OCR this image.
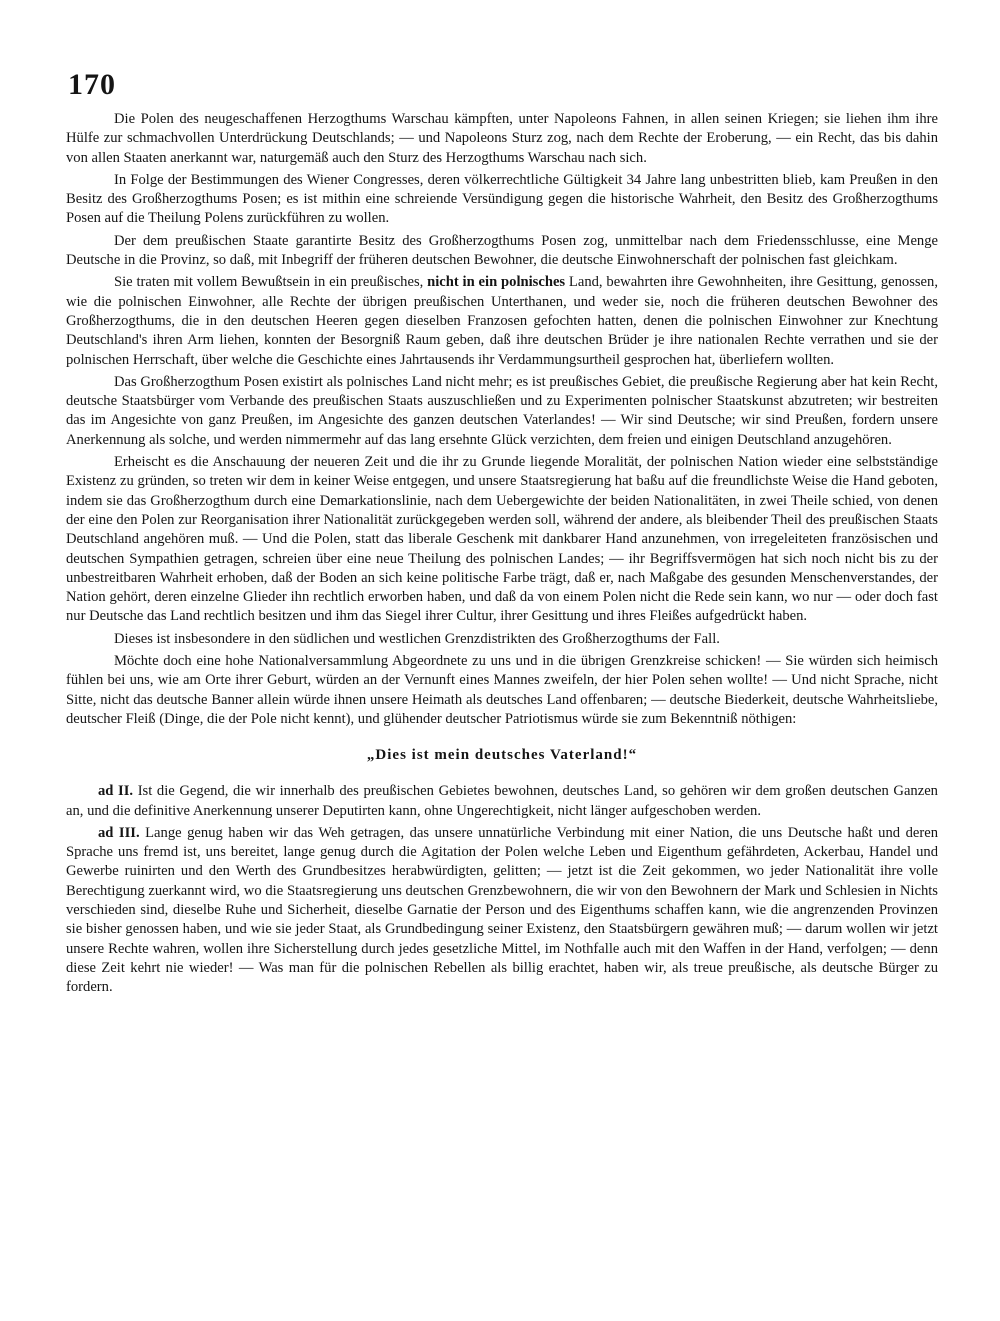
170

Die Polen des neugeschaffenen Herzogthums Warschau kämpften, unter Napoleons Fahnen, in allen seinen Kriegen; sie liehen ihm ihre Hülfe zur schmachvollen Unterdrückung Deutschlands; — und Napoleons Sturz zog, nach dem Rechte der Eroberung, — ein Recht, das bis dahin von allen Staaten anerkannt war, naturgemäß auch den Sturz des Herzogthums Warschau nach sich.

In Folge der Bestimmungen des Wiener Congresses, deren völkerrechtliche Gültigkeit 34 Jahre lang unbestritten blieb, kam Preußen in den Besitz des Großherzogthums Posen; es ist mithin eine schreiende Versündigung gegen die historische Wahrheit, den Besitz des Großherzogthums Posen auf die Theilung Polens zurückführen zu wollen.

Der dem preußischen Staate garantirte Besitz des Großherzogthums Posen zog, unmittelbar nach dem Friedensschlusse, eine Menge Deutsche in die Provinz, so daß, mit Inbegriff der früheren deutschen Bewohner, die deutsche Einwohnerschaft der polnischen fast gleichkam.

Sie traten mit vollem Bewußtsein in ein preußisches, nicht in ein polnisches Land, bewahrten ihre Gewohnheiten, ihre Gesittung, genossen, wie die polnischen Einwohner, alle Rechte der übrigen preußischen Unterthanen, und weder sie, noch die früheren deutschen Bewohner des Großherzogthums, die in den deutschen Heeren gegen dieselben Franzosen gefochten hatten, denen die polnischen Einwohner zur Knechtung Deutschland's ihren Arm liehen, konnten der Besorgniß Raum geben, daß ihre deutschen Brüder je ihre nationalen Rechte verrathen und sie der polnischen Herrschaft, über welche die Geschichte eines Jahrtausends ihr Verdammungsurtheil gesprochen hat, überliefern wollten.

Das Großherzogthum Posen existirt als polnisches Land nicht mehr; es ist preußisches Gebiet, die preußische Regierung aber hat kein Recht, deutsche Staatsbürger vom Verbande des preußischen Staats auszuschließen und zu Experimenten polnischer Staatskunst abzutreten; wir bestreiten das im Angesichte von ganz Preußen, im Angesichte des ganzen deutschen Vaterlandes! — Wir sind Deutsche; wir sind Preußen, fordern unsere Anerkennung als solche, und werden nimmermehr auf das lang ersehnte Glück verzichten, dem freien und einigen Deutschland anzugehören.

Erheischt es die Anschauung der neueren Zeit und die ihr zu Grunde liegende Moralität, der polnischen Nation wieder eine selbstständige Existenz zu gründen, so treten wir dem in keiner Weise entgegen, und unsere Staatsregierung hat baßu auf die freundlichste Weise die Hand geboten, indem sie das Großherzogthum durch eine Demarkationslinie, nach dem Uebergewichte der beiden Nationalitäten, in zwei Theile schied, von denen der eine den Polen zur Reorganisation ihrer Nationalität zurückgegeben werden soll, während der andere, als bleibender Theil des preußischen Staats Deutschland angehören muß. — Und die Polen, statt das liberale Geschenk mit dankbarer Hand anzunehmen, von irregeleiteten französischen und deutschen Sympathien getragen, schreien über eine neue Theilung des polnischen Landes; — ihr Begriffsvermögen hat sich noch nicht bis zu der unbestreitbaren Wahrheit erhoben, daß der Boden an sich keine politische Farbe trägt, daß er, nach Maßgabe des gesunden Menschenverstandes, der Nation gehört, deren einzelne Glieder ihn rechtlich erworben haben, und daß da von einem Polen nicht die Rede sein kann, wo nur — oder doch fast nur Deutsche das Land rechtlich besitzen und ihm das Siegel ihrer Cultur, ihrer Gesittung und ihres Fleißes aufgedrückt haben.

Dieses ist insbesondere in den südlichen und westlichen Grenzdistrikten des Großherzogthums der Fall.

Möchte doch eine hohe Nationalversammlung Abgeordnete zu uns und in die übrigen Grenzkreise schicken! — Sie würden sich heimisch fühlen bei uns, wie am Orte ihrer Geburt, würden an der Vernunft eines Mannes zweifeln, der hier Polen sehen wollte! — Und nicht Sprache, nicht Sitte, nicht das deutsche Banner allein würde ihnen unsere Heimath als deutsches Land offenbaren; — deutsche Biederkeit, deutsche Wahrheitsliebe, deutscher Fleiß (Dinge, die der Pole nicht kennt), und glühender deutscher Patriotismus würde sie zum Bekenntniß nöthigen:

„Dies ist mein deutsches Vaterland!“

ad II. Ist die Gegend, die wir innerhalb des preußischen Gebietes bewohnen, deutsches Land, so gehören wir dem großen deutschen Ganzen an, und die definitive Anerkennung unserer Deputirten kann, ohne Ungerechtigkeit, nicht länger aufgeschoben werden.

ad III. Lange genug haben wir das Weh getragen, das unsere unnatürliche Verbindung mit einer Nation, die uns Deutsche haßt und deren Sprache uns fremd ist, uns bereitet, lange genug durch die Agitation der Polen welche Leben und Eigenthum gefährdeten, Ackerbau, Handel und Gewerbe ruinirten und den Werth des Grundbesitzes herabwürdigten, gelitten; — jetzt ist die Zeit gekommen, wo jeder Nationalität ihre volle Berechtigung zuerkannt wird, wo die Staatsregierung uns deutschen Grenzbewohnern, die wir von den Bewohnern der Mark und Schlesien in Nichts verschieden sind, dieselbe Ruhe und Sicherheit, dieselbe Garnatie der Person und des Eigenthums schaffen kann, wie die angrenzenden Provinzen sie bisher genossen haben, und wie sie jeder Staat, als Grundbedingung seiner Existenz, den Staatsbürgern gewähren muß; — darum wollen wir jetzt unsere Rechte wahren, wollen ihre Sicherstellung durch jedes gesetzliche Mittel, im Nothfalle auch mit den Waffen in der Hand, verfolgen; — denn diese Zeit kehrt nie wieder! — Was man für die polnischen Rebellen als billig erachtet, haben wir, als treue preußische, als deutsche Bürger zu fordern.
